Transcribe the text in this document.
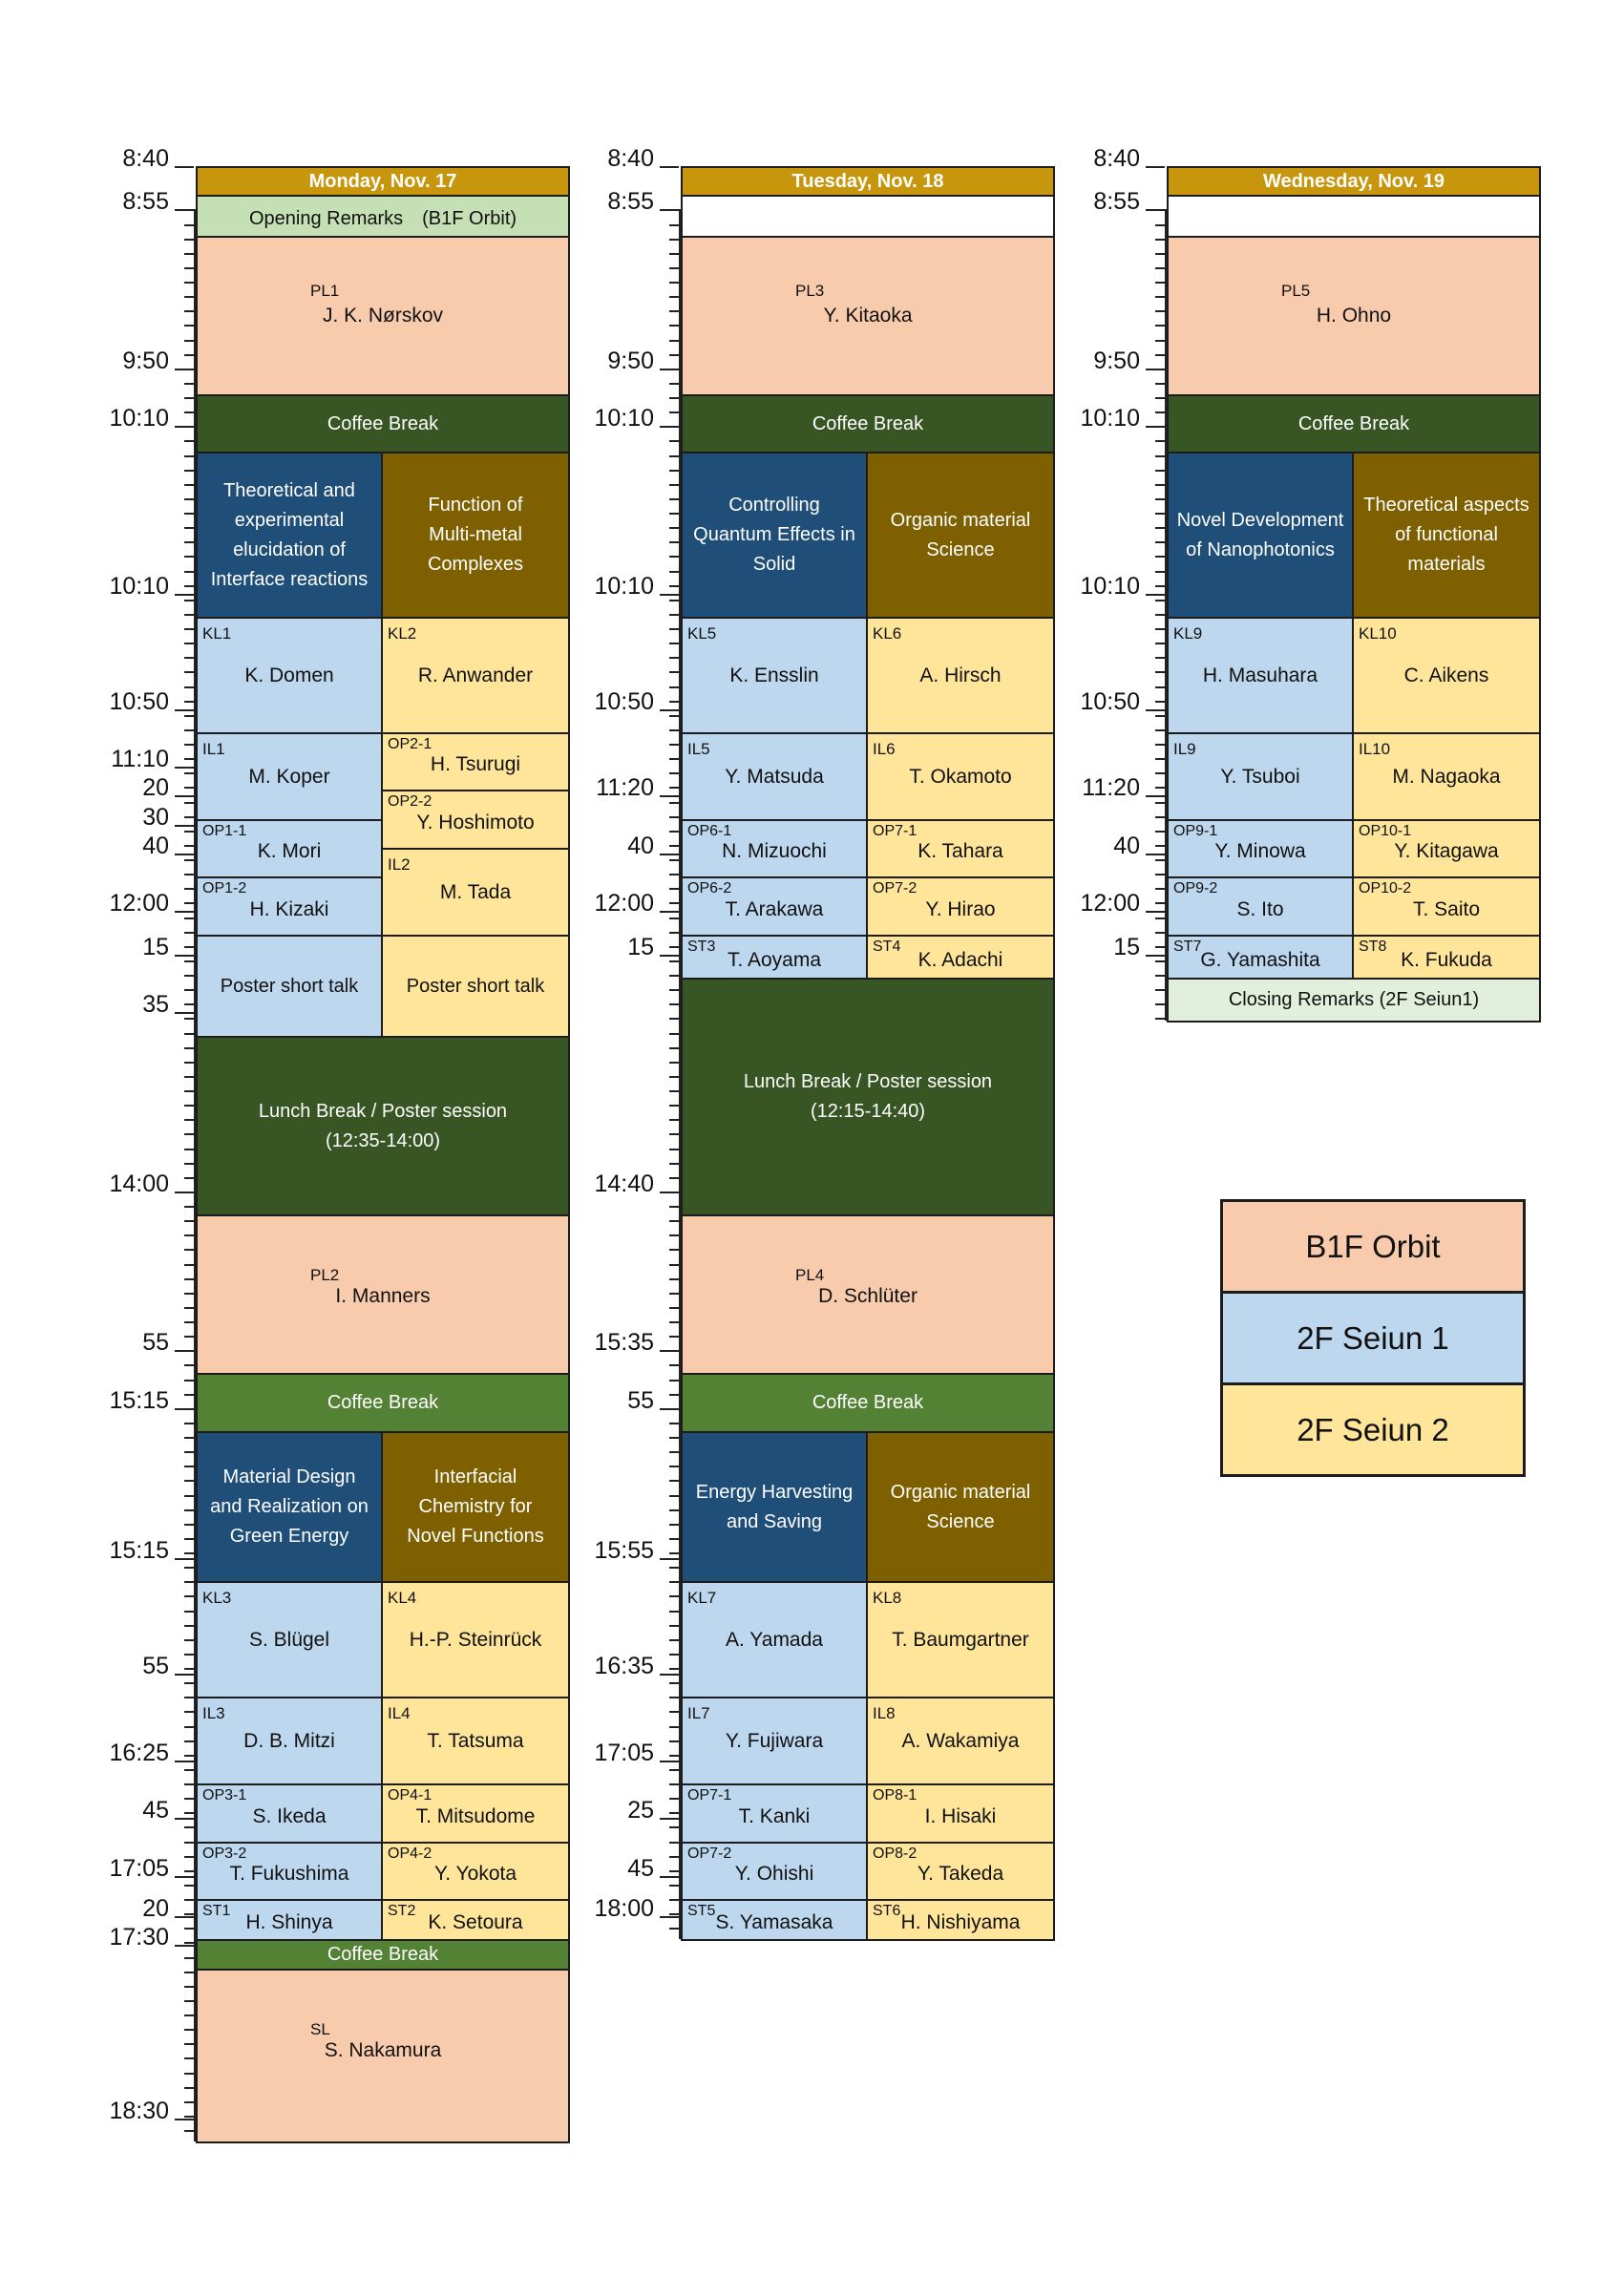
8:40
8:55
9:50
10:10
10:10
10:50
11:10
20
30
40
12:00
15
35
14:00
55
15:15
15:15
55
16:25
45
17:05
20
17:30
18:30
Monday, Nov. 17
Opening Remarks　(B1F Orbit)
PL1
J. K. Nørskov
Coffee Break
Theoretical and
experimental
elucidation of
Interface reactions
Function of
Multi-metal
Complexes
KL1
K. Domen
KL2
R. Anwander
IL1
M. Koper
OP2-1
H. Tsurugi
OP2-2
Y. Hoshimoto
OP1-1
K. Mori
IL2
M. Tada
OP1-2
H. Kizaki
Poster short talk	Poster short talk
Lunch Break / Poster session
(12:35-14:00)
PL2
I. Manners
Coffee Break
Material Design
and Realization on
Green Energy
Interfacial
Chemistry for
Novel Functions
KL3
S. Blügel
KL4
H.-P. Steinrück
IL3
D. B. Mitzi
IL4
T. Tatsuma
OP3-1
S. Ikeda
OP4-1
T. Mitsudome
OP3-2
T. Fukushima
OP4-2
Y. Yokota
ST1
H. Shinya
ST2
K. Setoura
Coffee Break
SL
S. Nakamura
8:40
8:55
9:50
10:10
10:10
10:50
11:20
40
12:00
15
14:40
15:35
55
15:55
16:35
17:05
25
45
18:00
Tuesday, Nov. 18
PL3
Y. Kitaoka
Coffee Break
Controlling
Quantum Effects in
Solid
Organic material
Science
KL5
K. Ensslin
KL6
A. Hirsch
IL5
Y. Matsuda
IL6
T. Okamoto
OP6-1
N. Mizuochi
OP7-1
K. Tahara
OP6-2
T. Arakawa
OP7-2
Y. Hirao
ST3
T. Aoyama
ST4
K. Adachi
Lunch Break / Poster session
(12:15-14:40)
PL4
D. Schlüter
Coffee Break
Energy Harvesting
and Saving
Organic material
Science
KL7
A. Yamada
KL8
T. Baumgartner
IL7
Y. Fujiwara
IL8
A. Wakamiya
OP7-1
T. Kanki
OP8-1
I. Hisaki
OP7-2
Y. Ohishi
OP8-2
Y. Takeda
ST5
S. Yamasaka
ST6
H. Nishiyama
8:40
8:55
9:50
10:10
10:10
10:50
11:20
40
12:00
15
Wednesday, Nov. 19
PL5
H. Ohno
Coffee Break
Novel Development
of Nanophotonics
Theoretical aspects
of functional
materials
KL9
H. Masuhara
KL10
C. Aikens
IL9
Y. Tsuboi
IL10
M. Nagaoka
OP9-1
Y. Minowa
OP10-1
Y. Kitagawa
OP9-2
S. Ito
OP10-2
T. Saito
ST7
G. Yamashita
ST8
K. Fukuda
Closing Remarks (2F Seiun1)
B1F Orbit
2F Seiun 1
2F Seiun 2
